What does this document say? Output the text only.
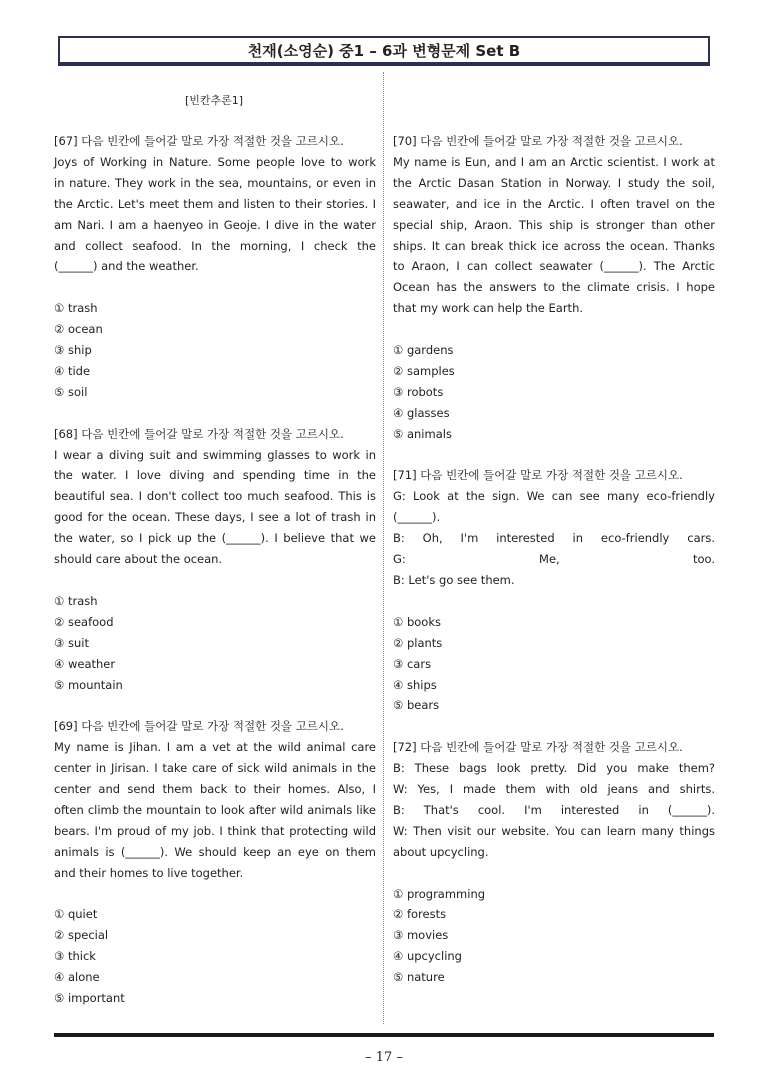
천재(소영순) 중1 – 6과 변형문제 Set B
[빈칸추론1]
[67] 다음 빈칸에 들어갈 말로 가장 적절한 것을 고르시오.
Joys of Working in Nature. Some people love to work
in nature. They work in the sea, mountains, or even in
the Arctic. Let's meet them and listen to their stories. I
am Nari. I am a haenyeo in Geoje. I dive in the water
and collect seafood. In the morning, I check the
(______) and the weather.
① trash
② ocean
③ ship
④ tide
⑤ soil
[68] 다음 빈칸에 들어갈 말로 가장 적절한 것을 고르시오.
I wear a diving suit and swimming glasses to work in
the water. I love diving and spending time in the
beautiful sea. I don't collect too much seafood. This is
good for the ocean. These days, I see a lot of trash in
the water, so I pick up the (______). I believe that we
should care about the ocean.
① trash
② seafood
③ suit
④ weather
⑤ mountain
[69] 다음 빈칸에 들어갈 말로 가장 적절한 것을 고르시오.
My name is Jihan. I am a vet at the wild animal care
center in Jirisan. I take care of sick wild animals in the
center and send them back to their homes. Also, I
often climb the mountain to look after wild animals like
bears. I'm proud of my job. I think that protecting wild
animals is (______). We should keep an eye on them
and their homes to live together.
① quiet
② special
③ thick
④ alone
⑤ important
[70] 다음 빈칸에 들어갈 말로 가장 적절한 것을 고르시오.
My name is Eun, and I am an Arctic scientist. I work at
the Arctic Dasan Station in Norway. I study the soil,
seawater, and ice in the Arctic. I often travel on the
special ship, Araon. This ship is stronger than other
ships. It can break thick ice across the ocean. Thanks
to Araon, I can collect seawater (______). The Arctic
Ocean has the answers to the climate crisis. I hope
that my work can help the Earth.
① gardens
② samples
③ robots
④ glasses
⑤ animals
[71] 다음 빈칸에 들어갈 말로 가장 적절한 것을 고르시오.
G: Look at the sign. We can see many eco-friendly
(______).
B: Oh, I'm interested in eco-friendly cars.
G: Me, too.
B: Let's go see them.
① books
② plants
③ cars
④ ships
⑤ bears
[72] 다음 빈칸에 들어갈 말로 가장 적절한 것을 고르시오.
B: These bags look pretty. Did you make them?
W: Yes, I made them with old jeans and shirts.
B: That's cool. I'm interested in (______).
W: Then visit our website. You can learn many things
about upcycling.
① programming
② forests
③ movies
④ upcycling
⑤ nature
– 17 –
